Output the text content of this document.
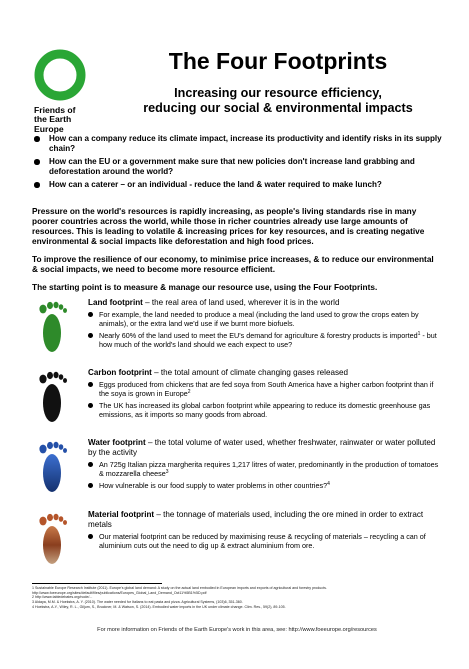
Friends of
the Earth
Europe
The Four Footprints
Increasing our resource efficiency,
reducing our social & environmental impacts
How can a company reduce its climate impact, increase its productivity and identify risks in its supply chain?
How can the EU or a government make sure that new policies don't increase land grabbing and deforestation around the world?
How can a caterer – or an individual - reduce the land & water required to make lunch?

Pressure on the world's resources is rapidly increasing, as people's living standards rise in many poorer countries across the world, while those in richer countries already use large amounts of resources. This is leading to volatile & increasing prices for key resources, and is creating negative environmental & social impacts like deforestation and high food prices.

To improve the resilience of our economy, to minimise price increases, & to reduce our environmental & social impacts, we need to become more resource efficient.

The starting point is to measure & manage our resource use, using the Four Footprints.

Land footprint – the real area of land used, wherever it is in the world

For example, the land needed to produce a meal (including the land used to grow the crops eaten by animals), or the extra land we'd use if we burnt more biofuels.
Nearly 60% of the land used to meet the EU's demand for agriculture & forestry products is imported$^1$ - but how much of the world's land should we each expect to use?

Carbon footprint – the total amount of climate changing gases released

Eggs produced from chickens that are fed soya from South America have a higher carbon footprint than if the soya is grown in Europe$^2$
The UK has increased its global carbon footprint while appearing to reduce its domestic greenhouse gas emissions, as it imports so many goods from abroad.

Water footprint – the total volume of water used, whether freshwater, rainwater or water polluted by the activity

An 725g Italian pizza margherita requires 1,217 litres of water, predominantly in the production of tomatoes & mozzarella cheese$^3$
How vulnerable is our food supply to water problems in other countries?$^4$

Material footprint – the tonnage of materials used, including the ore mined in order to extract metals

Our material footprint can be reduced by maximising reuse & recycling of materials – recycling a can of aluminium cuts out the need to dig up & extract aluminium from ore.
1 Sustainable Europe Research Institute (2011). Europe's global land demand: A study on the actual land embodied in European imports and exports of agricultural and forestry products.
http://www.foeeurope.org/sites/default/files/publications/Europes_Global_Land_Demand_Oct11%5B1%5D.pdf
2 http://www.tabledebates.org/node/...
3 Aldaya, M.M. & Hoekstra, A. Y. (2010). The water needed for Italians to eat pasta and pizza. Agricultural Systems, (103)6, 351-360.
4 Hoekstra, A.Y., Wiley, R. L., Giljum, S., Bruckner, M. & Watson, S. (2014). Embodied water imports in the UK under climate change. Clim. Res., 59(2), 89-105.
For more information on Friends of the Earth Europe's work in this area, see: http://www.foeeurope.org/resources
